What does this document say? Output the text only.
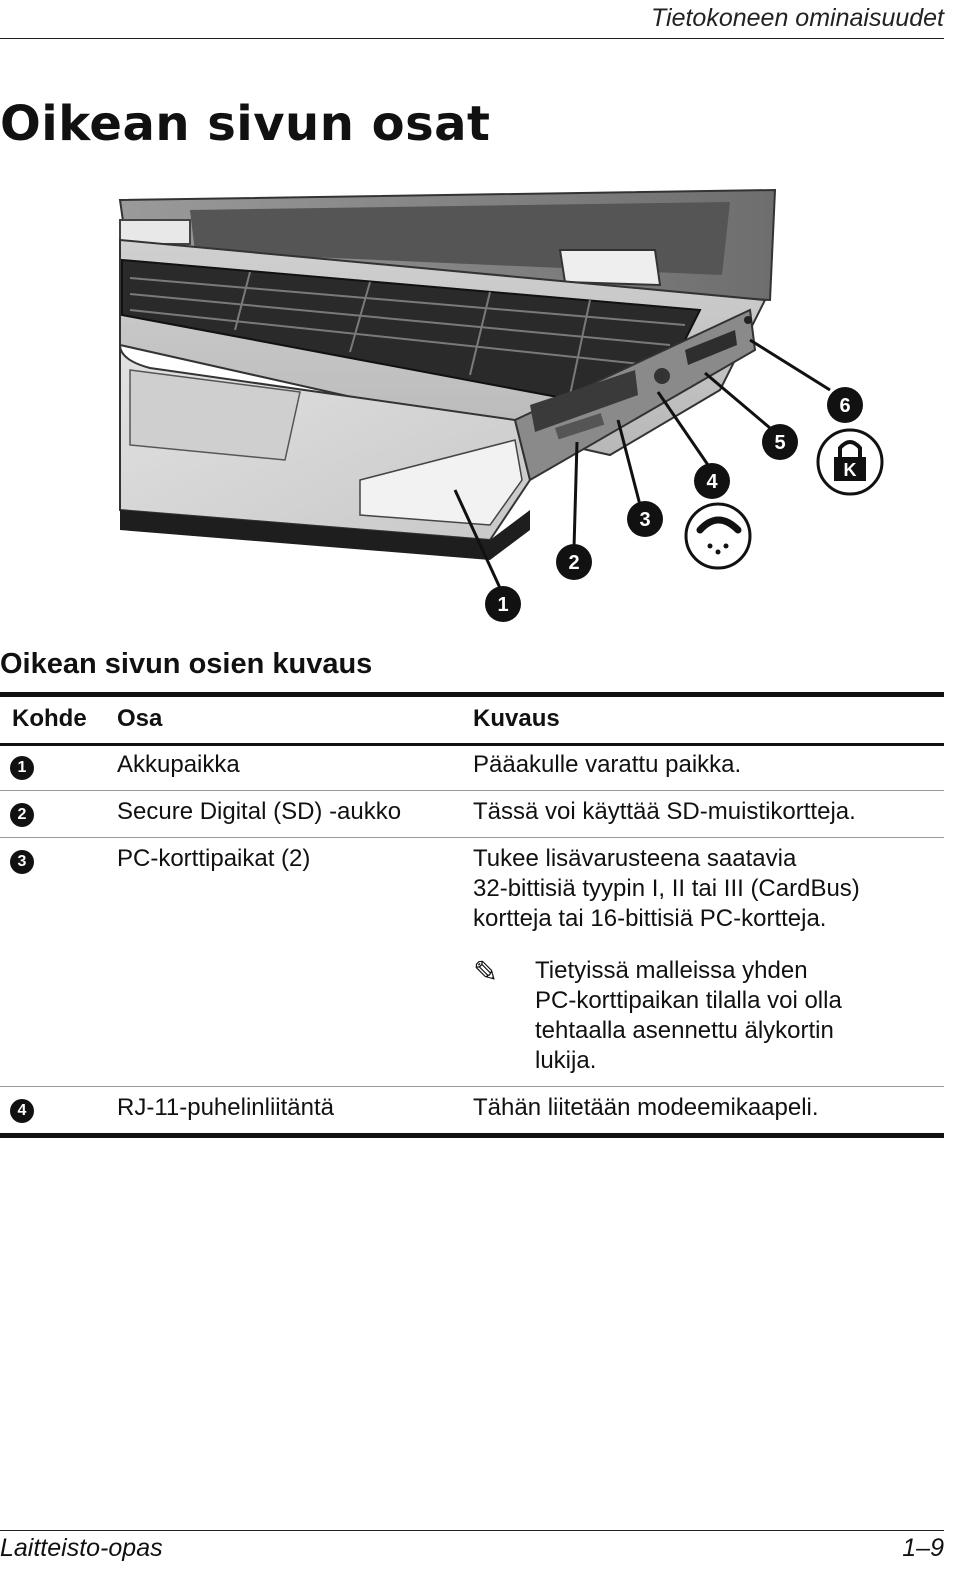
Tietokoneen ominaisuudet
Oikean sivun osat
1
2
3
4
5
6
K
Oikean sivun osien kuvaus
Kohde	Osa	Kuvaus
1	Akkupaikka	Pääakulle varattu paikka.
2	Secure Digital (SD) -aukko	Tässä voi käyttää SD-muistikortteja.
3	PC-korttipaikat (2)	Tukee lisävarusteena saatavia
32-bittisiä tyypin I, II tai III (CardBus)
kortteja tai 16-bittisiä PC-kortteja.
✎	Tietyissä malleissa yhden
PC-korttipaikan tilalla voi olla
tehtaalla asennettu älykortin
lukija.
4	RJ-11-puhelinliitäntä	Tähän liitetään modeemikaapeli.
Laitteisto-opas	1–9
